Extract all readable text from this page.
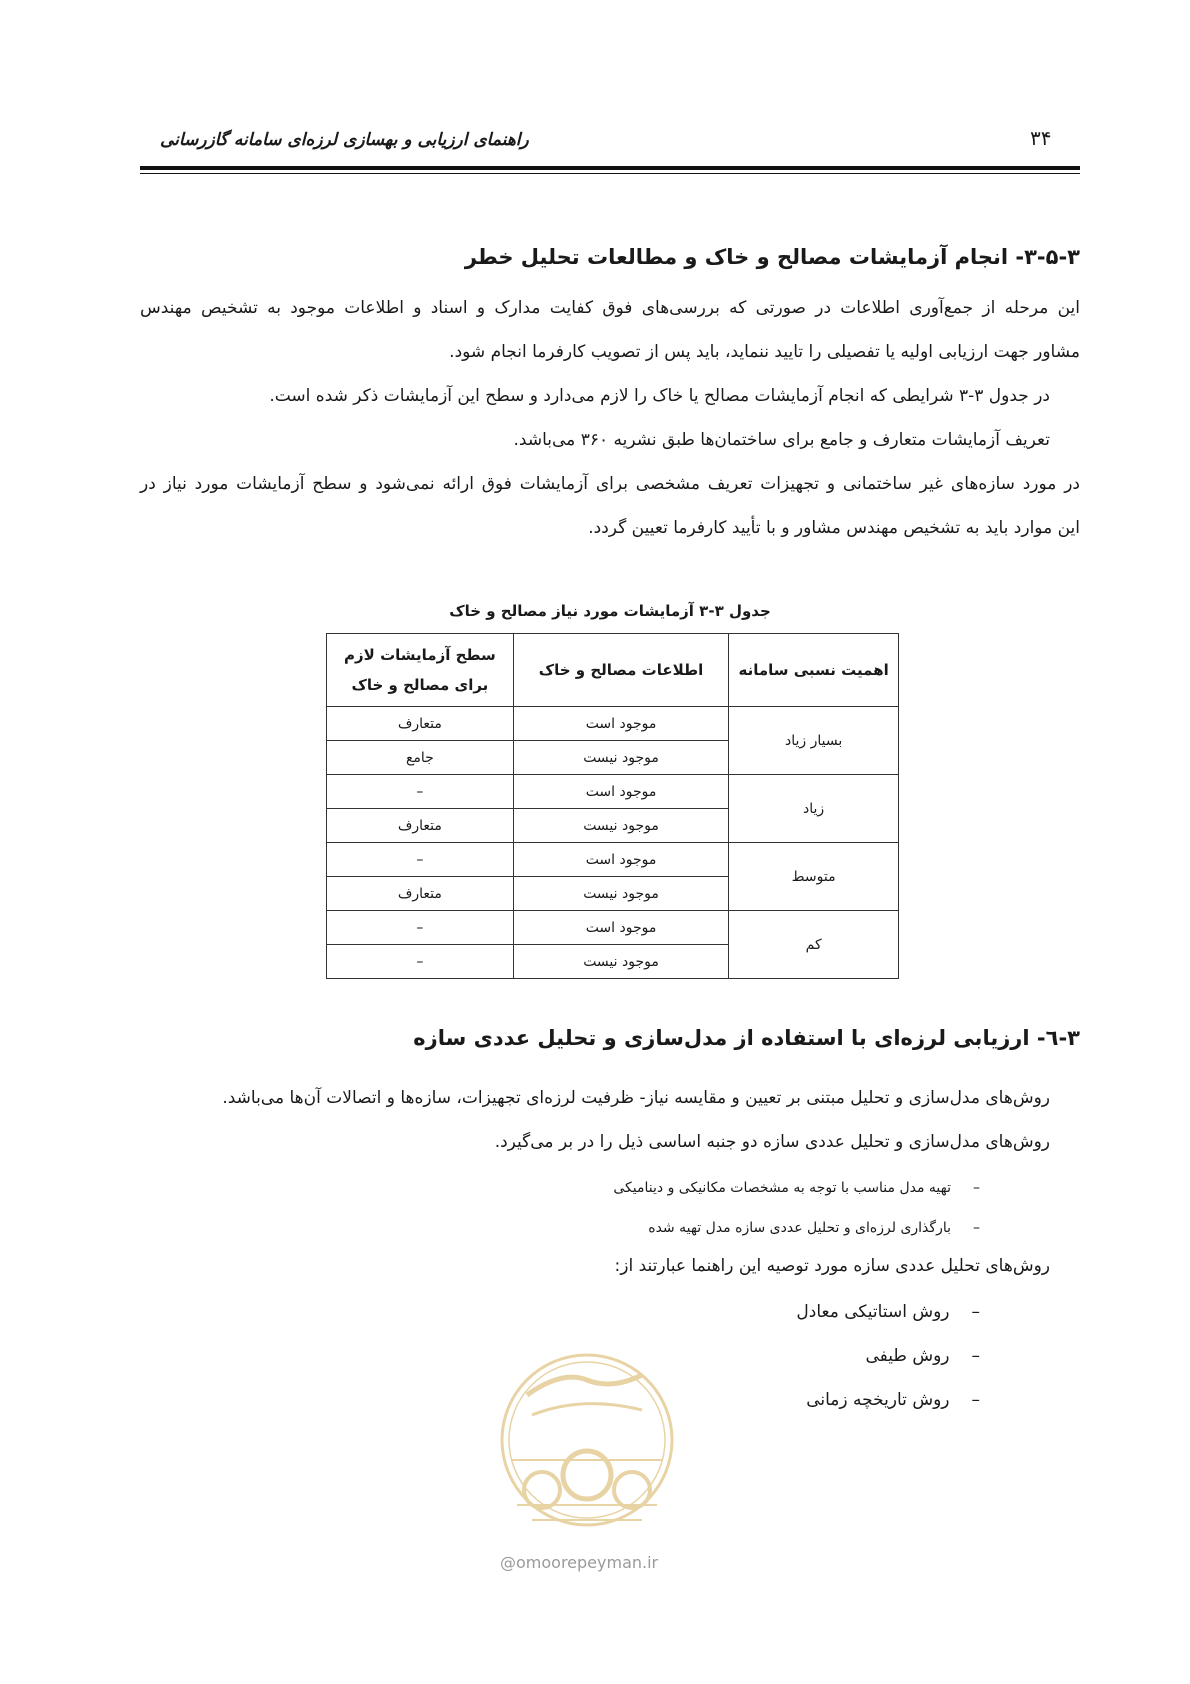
۳۴
راهنمای ارزیابی و بهسازی لرزه‌ای سامانه گازرسانی
۳-۵-۳- انجام آزمایشات مصالح و خاک و مطالعات تحلیل خطر
این مرحله از جمع‌آوری اطلاعات در صورتی که بررسی‌های فوق کفایت مدارک و اسناد و اطلاعات موجود به تشخیص مهندس
مشاور جهت ارزیابی اولیه یا تفصیلی را تایید ننماید، باید پس از تصویب کارفرما انجام شود.
در جدول ۳-۳ شرایطی که انجام آزمایشات مصالح یا خاک را لازم می‌دارد و سطح این آزمایشات ذکر شده است.
تعریف آزمایشات متعارف و جامع برای ساختمان‌ها طبق نشریه ۳۶۰ می‌باشد.
در مورد سازه‌های غیر ساختمانی و تجهیزات تعریف مشخصی برای آزمایشات فوق ارائه نمی‌شود و سطح آزمایشات مورد نیاز در
این موارد باید به تشخیص مهندس مشاور و با تأیید کارفرما تعیین گردد.
جدول ۳-۳ آزمایشات مورد نیاز مصالح و خاک
اهمیت نسبی سامانه	اطلاعات مصالح و خاک	سطح آزمایشات لازم
برای مصالح و خاک

بسیار زیاد	موجود است	متعارف
	موجود نیست	جامع
زیاد	موجود است	–
	موجود نیست	متعارف
متوسط	موجود است	–
	موجود نیست	متعارف
کم	موجود است	–
	موجود نیست	–
۳-٦- ارزیابی لرزه‌ای با استفاده از مدل‌سازی و تحلیل عددی سازه
روش‌های مدل‌سازی و تحلیل مبتنی بر تعیین و مقایسه نیاز- ظرفیت لرزه‌ای تجهیزات، سازه‌ها و اتصالات آن‌ها می‌باشد.
روش‌های مدل‌سازی و تحلیل عددی سازه دو جنبه اساسی ذیل را در بر می‌گیرد.
–تهیه مدل مناسب با توجه به مشخصات مکانیکی و دینامیکی
–بارگذاری لرزه‌ای و تحلیل عددی سازه مدل تهیه شده
روش‌های تحلیل عددی سازه مورد توصیه این راهنما عبارتند از:
–روش استاتیکی معادل
–روش طیفی
–روش تاریخچه زمانی
@omoorepeyman.ir
